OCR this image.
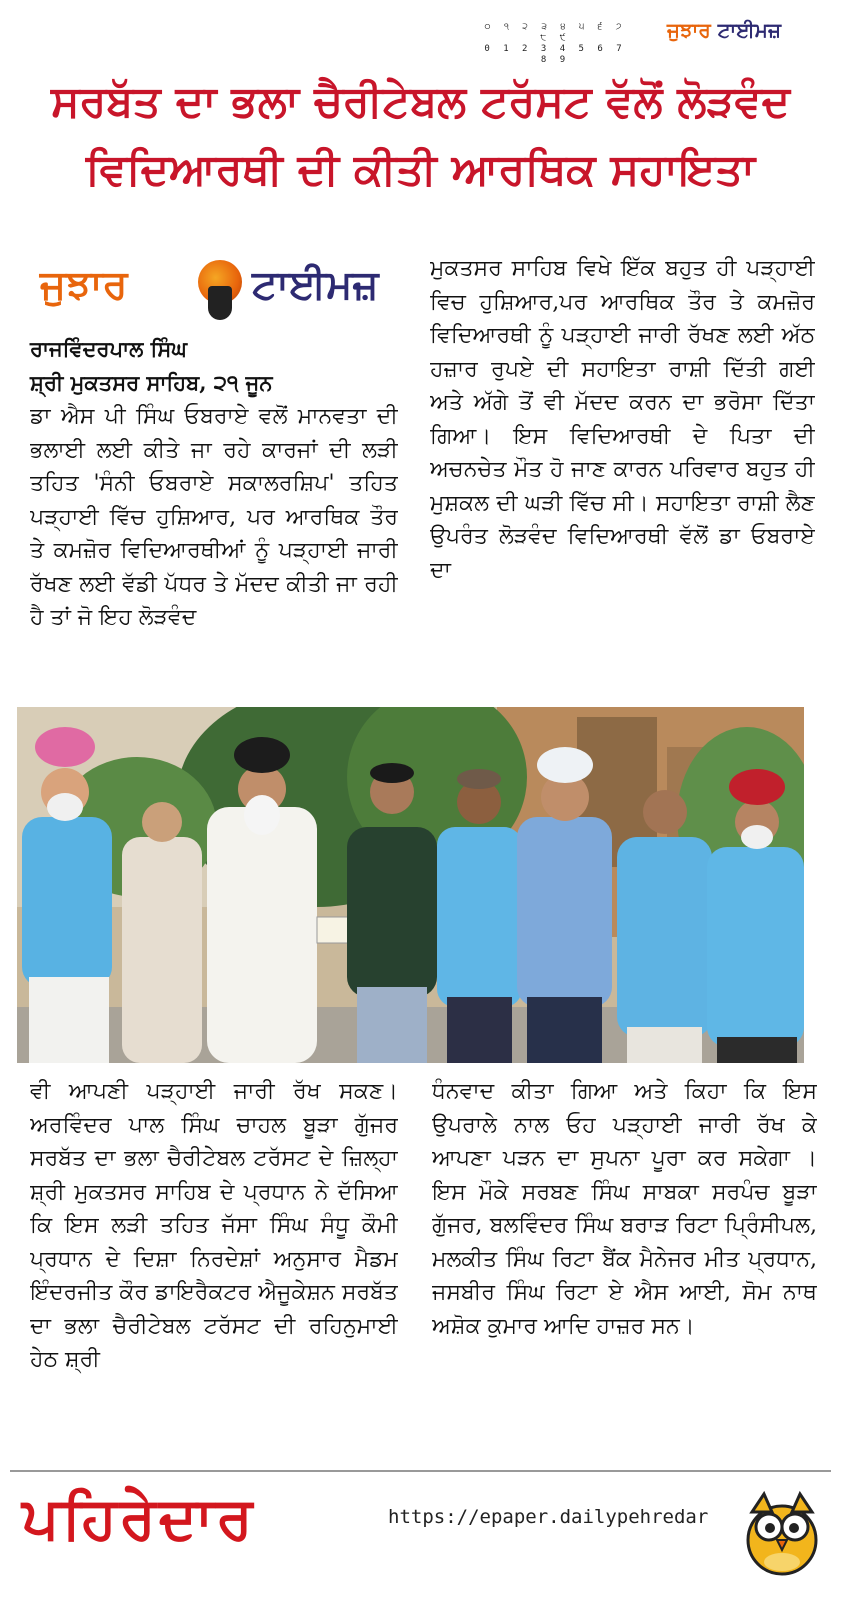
੦ ੧ ੨ ੩ ੪ ੫ ੬ ੭ ੮ ੯
0 1 2 3 4 5 6 7 8 9
ਜੁਝਾਰ ਟਾਈਮਜ਼
ਸਰਬੱਤ ਦਾ ਭਲਾ ਚੈਰੀਟੇਬਲ ਟਰੱਸਟ ਵੱਲੋਂ ਲੋੜਵੰਦ
ਵਿਦਿਆਰਥੀ ਦੀ ਕੀਤੀ ਆਰਥਿਕ ਸਹਾਇਤਾ
ਜੁਝਾਰ	ਟਾਈਮਜ਼
ਰਾਜਵਿੰਦਰਪਾਲ ਸਿੰਘ
ਸ਼੍ਰੀ ਮੁਕਤਸਰ ਸਾਹਿਬ, ੨੧ ਜੂਨ

ਡਾ ਐਸ ਪੀ ਸਿੰਘ ਓਬਰਾਏ ਵਲੋਂ ਮਾਨਵਤਾ ਦੀ ਭਲਾਈ ਲਈ ਕੀਤੇ ਜਾ ਰਹੇ ਕਾਰਜਾਂ ਦੀ ਲੜੀ ਤਹਿਤ 'ਸੰਨੀ ਓਬਰਾਏ ਸਕਾਲਰਸ਼ਿਪ' ਤਹਿਤ ਪੜ੍ਹਾਈ ਵਿੱਚ ਹੁਸ਼ਿਆਰ, ਪਰ ਆਰਥਿਕ ਤੌਰ ਤੇ ਕਮਜ਼ੋਰ ਵਿਦਿਆਰਥੀਆਂ ਨੂੰ ਪੜ੍ਹਾਈ ਜਾਰੀ ਰੱਖਣ ਲਈ ਵੱਡੀ ਪੱਧਰ ਤੇ ਮੱਦਦ ਕੀਤੀ ਜਾ ਰਹੀ ਹੈ ਤਾਂ ਜੋ ਇਹ ਲੋੜਵੰਦ

ਮੁਕਤਸਰ ਸਾਹਿਬ ਵਿਖੇ ਇੱਕ ਬਹੁਤ ਹੀ ਪੜ੍ਹਾਈ ਵਿਚ ਹੁਸ਼ਿਆਰ,ਪਰ ਆਰਥਿਕ ਤੌਰ ਤੇ ਕਮਜ਼ੋਰ ਵਿਦਿਆਰਥੀ ਨੂੰ ਪੜ੍ਹਾਈ ਜਾਰੀ ਰੱਖਣ ਲਈ ਅੱਠ ਹਜ਼ਾਰ ਰੁਪਏ ਦੀ ਸਹਾਇਤਾ ਰਾਸ਼ੀ ਦਿੱਤੀ ਗਈ ਅਤੇ ਅੱਗੇ ਤੋਂ ਵੀ ਮੱਦਦ ਕਰਨ ਦਾ ਭਰੋਸਾ ਦਿੱਤਾ ਗਿਆ। ਇਸ ਵਿਦਿਆਰਥੀ ਦੇ ਪਿਤਾ ਦੀ ਅਚਨਚੇਤ ਮੌਤ ਹੋ ਜਾਣ ਕਾਰਨ ਪਰਿਵਾਰ ਬਹੁਤ ਹੀ ਮੁਸ਼ਕਲ ਦੀ ਘੜੀ ਵਿੱਚ ਸੀ। ਸਹਾਇਤਾ ਰਾਸ਼ੀ ਲੈਣ ਉਪਰੰਤ ਲੋੜਵੰਦ ਵਿਦਿਆਰਥੀ ਵੱਲੋਂ ਡਾ ਓਬਰਾਏ ਦਾ

ਵੀ ਆਪਣੀ ਪੜ੍ਹਾਈ ਜਾਰੀ ਰੱਖ ਸਕਣ। ਅਰਵਿੰਦਰ ਪਾਲ ਸਿੰਘ ਚਾਹਲ ਬੂੜਾ ਗੁੱਜਰ ਸਰਬੱਤ ਦਾ ਭਲਾ ਚੈਰੀਟੇਬਲ ਟਰੱਸਟ ਦੇ ਜ਼ਿਲ੍ਹਾ ਸ਼੍ਰੀ ਮੁਕਤਸਰ ਸਾਹਿਬ ਦੇ ਪ੍ਰਧਾਨ ਨੇ ਦੱਸਿਆ ਕਿ ਇਸ ਲੜੀ ਤਹਿਤ ਜੱਸਾ ਸਿੰਘ ਸੰਧੂ ਕੌਮੀ ਪ੍ਰਧਾਨ ਦੇ ਦਿਸ਼ਾ ਨਿਰਦੇਸ਼ਾਂ ਅਨੁਸਾਰ ਮੈਡਮ ਇੰਦਰਜੀਤ ਕੌਰ ਡਾਇਰੈਕਟਰ ਐਜੂਕੇਸ਼ਨ ਸਰਬੱਤ ਦਾ ਭਲਾ ਚੈਰੀਟੇਬਲ ਟਰੱਸਟ ਦੀ ਰਹਿਨੁਮਾਈ ਹੇਠ ਸ਼੍ਰੀ

ਧੰਨਵਾਦ ਕੀਤਾ ਗਿਆ ਅਤੇ ਕਿਹਾ ਕਿ ਇਸ ਉਪਰਾਲੇ ਨਾਲ ਓਹ ਪੜ੍ਹਾਈ ਜਾਰੀ ਰੱਖ ਕੇ ਆਪਣਾ ਪੜਨ ਦਾ ਸੁਪਨਾ ਪੂਰਾ ਕਰ ਸਕੇਗਾ । ਇਸ ਮੌਕੇ ਸਰਬਣ ਸਿੰਘ ਸਾਬਕਾ ਸਰਪੰਚ ਬੂੜਾ ਗੁੱਜਰ, ਬਲਵਿੰਦਰ ਸਿੰਘ ਬਰਾੜ ਰਿਟਾ ਪ੍ਰਿੰਸੀਪਲ, ਮਲਕੀਤ ਸਿੰਘ ਰਿਟਾ ਬੈਂਕ ਮੈਨੇਜਰ ਮੀਤ ਪ੍ਰਧਾਨ, ਜਸਬੀਰ ਸਿੰਘ ਰਿਟਾ ਏ ਐਸ ਆਈ, ਸੋਮ ਨਾਥ ਅਸ਼ੋਕ ਕੁਮਾਰ ਆਦਿ ਹਾਜ਼ਰ ਸਨ।

ਪਹਿਰੇਦਾਰ	https://epaper.dailypehredar
